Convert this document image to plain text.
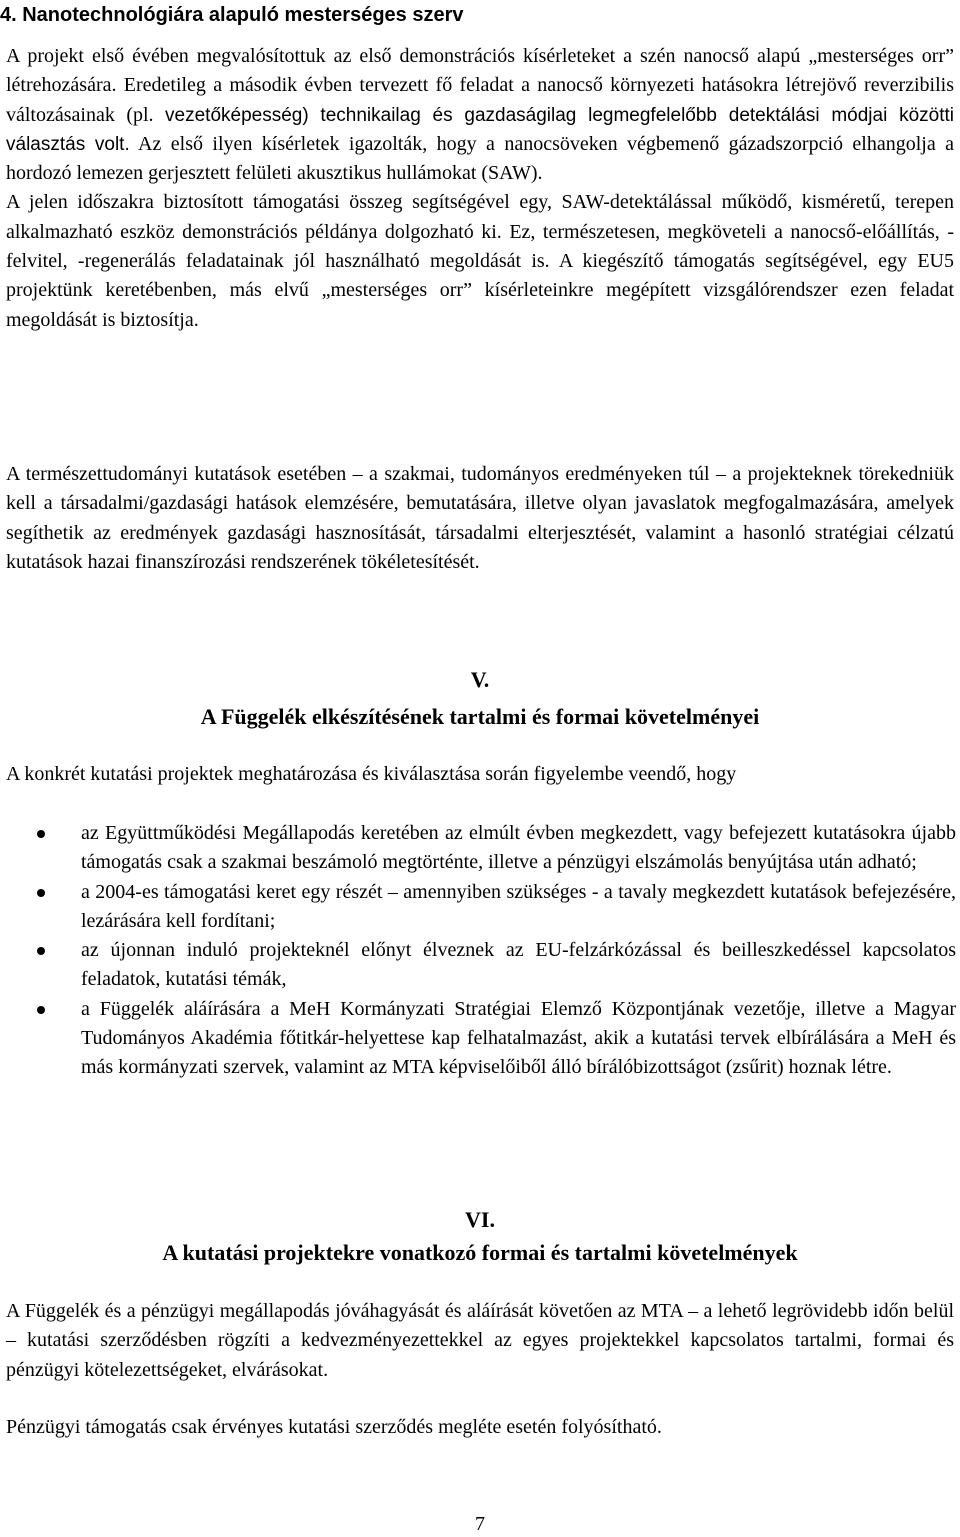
4. Nanotechnológiára alapuló mesterséges szerv

A projekt első évében megvalósítottuk az első demonstrációs kísérleteket a szén nanocső alapú „mesterséges orr” létrehozására. Eredetileg a második évben tervezett fő feladat a nanocső környezeti hatásokra létrejövő reverzibilis változásainak (pl. vezetőképesség) technikailag és gazdaságilag legmegfelelőbb detektálási módjai közötti választás volt. Az első ilyen kísérletek igazolták, hogy a nanocsöveken végbemenő gázadszorpció elhangolja a hordozó lemezen gerjesztett felületi akusztikus hullámokat (SAW).
A jelen időszakra biztosított támogatási összeg segítségével egy, SAW-detektálással működő, kisméretű, terepen alkalmazható eszköz demonstrációs példánya dolgozható ki. Ez, természetesen, megköveteli a nanocső-előállítás, -felvitel, -regenerálás feladatainak jól használható megoldását is. A kiegészítő támogatás segítségével, egy EU5 projektünk keretébenben, más elvű „mesterséges orr” kísérleteinkre megépített vizsgálórendszer ezen feladat megoldását is biztosítja.

A természettudományi kutatások esetében – a szakmai, tudományos eredményeken túl – a projekteknek törekedniük kell a társadalmi/gazdasági hatások elemzésére, bemutatására, illetve olyan javaslatok megfogalmazására, amelyek segíthetik az eredmények gazdasági hasznosítását, társadalmi elterjesztését, valamint a hasonló stratégiai célzatú kutatások hazai finanszírozási rendszerének tökéletesítését.

V.
A Függelék elkészítésének tartalmi és formai követelményei

A konkrét kutatási projektek meghatározása és kiválasztása során figyelembe veendő, hogy

az Együttműködési Megállapodás keretében az elmúlt évben megkezdett, vagy befejezett kutatásokra újabb támogatás csak a szakmai beszámoló megtörténte, illetve a pénzügyi elszámolás benyújtása után adható;
a 2004-es támogatási keret egy részét – amennyiben szükséges - a tavaly megkezdett kutatások befejezésére, lezárására kell fordítani;
az újonnan induló projekteknél előnyt élveznek az EU-felzárkózással és beilleszkedéssel kapcsolatos feladatok, kutatási témák,
a Függelék aláírására a MeH Kormányzati Stratégiai Elemző Központjának vezetője, illetve a Magyar Tudományos Akadémia főtitkár-helyettese kap felhatalmazást, akik a kutatási tervek elbírálására a MeH és más kormányzati szervek, valamint az MTA képviselőiből álló bírálóbizottságot (zsűrit) hoznak létre.
VI.
A kutatási projektekre vonatkozó formai és tartalmi követelmények

A Függelék és a pénzügyi megállapodás jóváhagyását és aláírását követően az MTA – a lehető legrövidebb időn belül – kutatási szerződésben rögzíti a kedvezményezettekkel az egyes projektekkel kapcsolatos tartalmi, formai és pénzügyi kötelezettségeket, elvárásokat.

Pénzügyi támogatás csak érvényes kutatási szerződés megléte esetén folyósítható.

7
